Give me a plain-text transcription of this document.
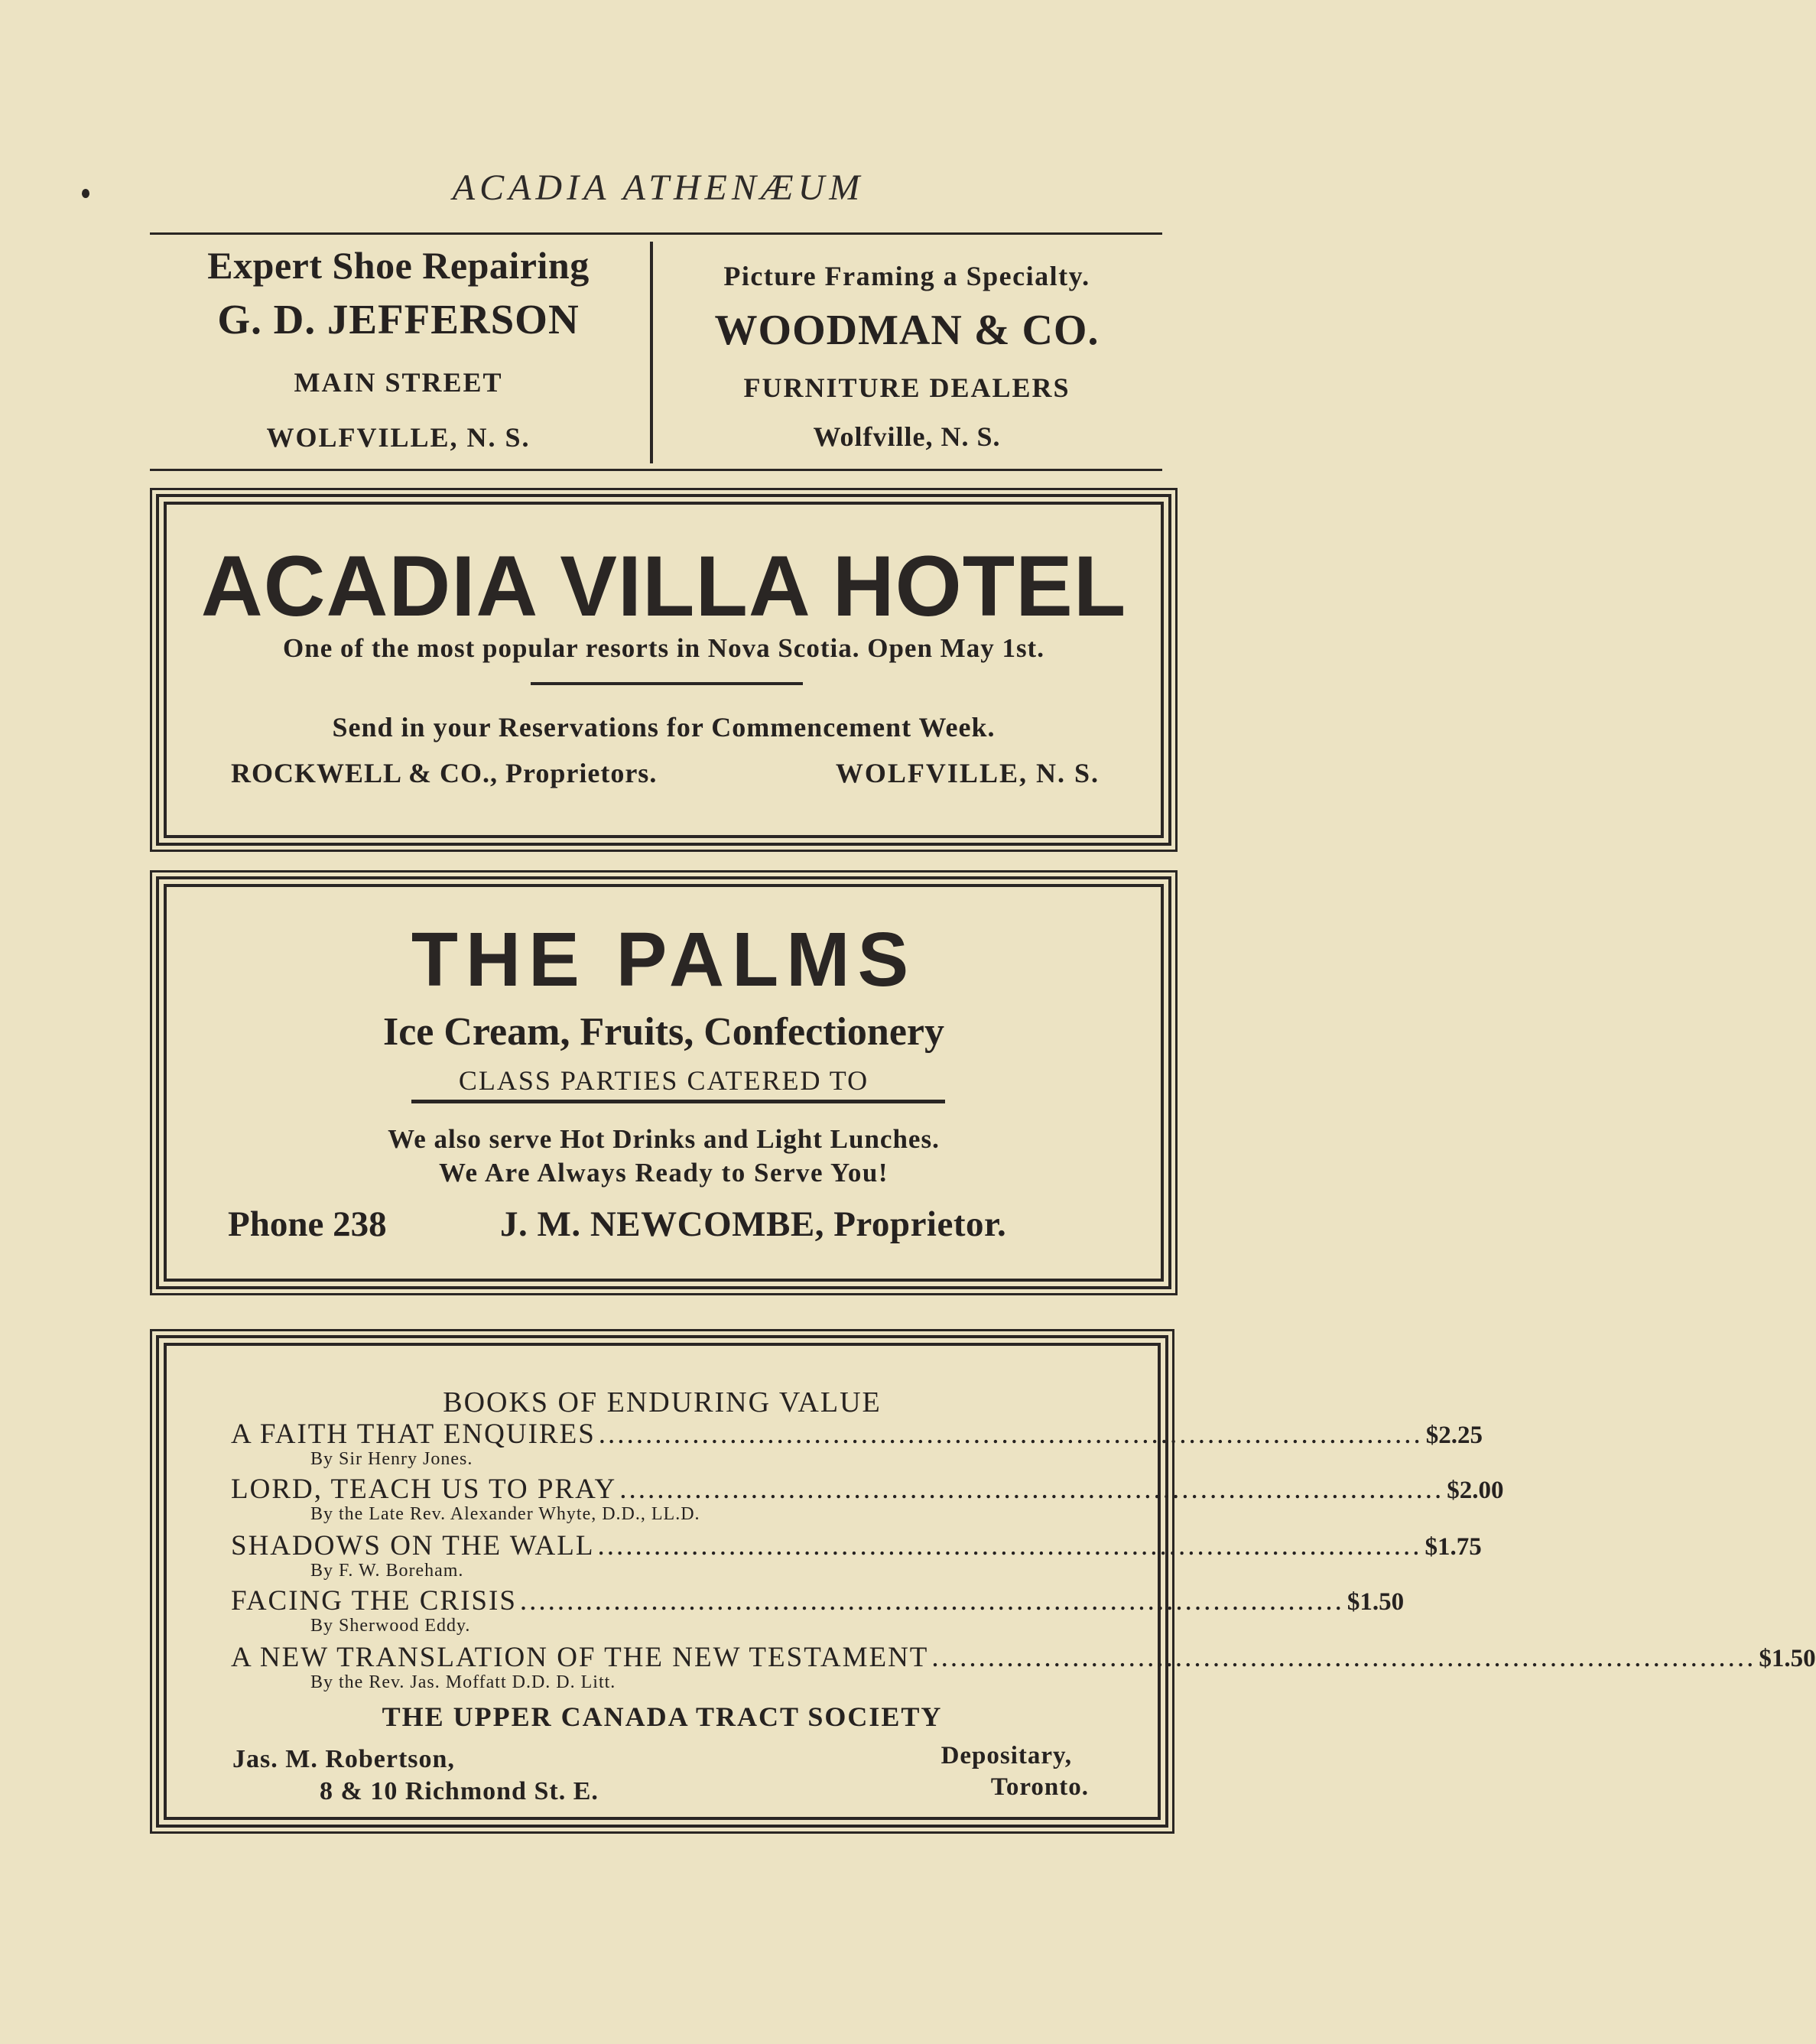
ACADIA ATHENÆUM
Expert Shoe Repairing
G. D. JEFFERSON
MAIN STREET
WOLFVILLE, N. S.
Picture Framing a Specialty.
WOODMAN & CO.
FURNITURE DEALERS
Wolfville, N. S.
ACADIA VILLA HOTEL
One of the most popular resorts in Nova Scotia. Open May 1st.
Send in your Reservations for Commencement Week.
ROCKWELL & CO., Proprietors.	WOLFVILLE, N. S.
THE PALMS
Ice Cream, Fruits, Confectionery
CLASS PARTIES CATERED TO
We also serve Hot Drinks and Light Lunches.
We Are Always Ready to Serve You!
Phone 238	J. M. NEWCOMBE, Proprietor.
BOOKS OF ENDURING VALUE
A FAITH THAT ENQUIRES ........................................................................................ $2.25
By Sir Henry Jones.
LORD, TEACH US TO PRAY ........................................................................................ $2.00
By the Late Rev. Alexander Whyte, D.D., LL.D.
SHADOWS ON THE WALL ........................................................................................ $1.75
By F. W. Boreham.
FACING THE CRISIS ........................................................................................ $1.50
By Sherwood Eddy.
A NEW TRANSLATION OF THE NEW TESTAMENT ........................................................................................ $1.50
By the Rev. Jas. Moffatt D.D. D. Litt.
THE UPPER CANADA TRACT SOCIETY
Jas. M. Robertson,
8 & 10 Richmond St. E.
Depositary,
Toronto.
